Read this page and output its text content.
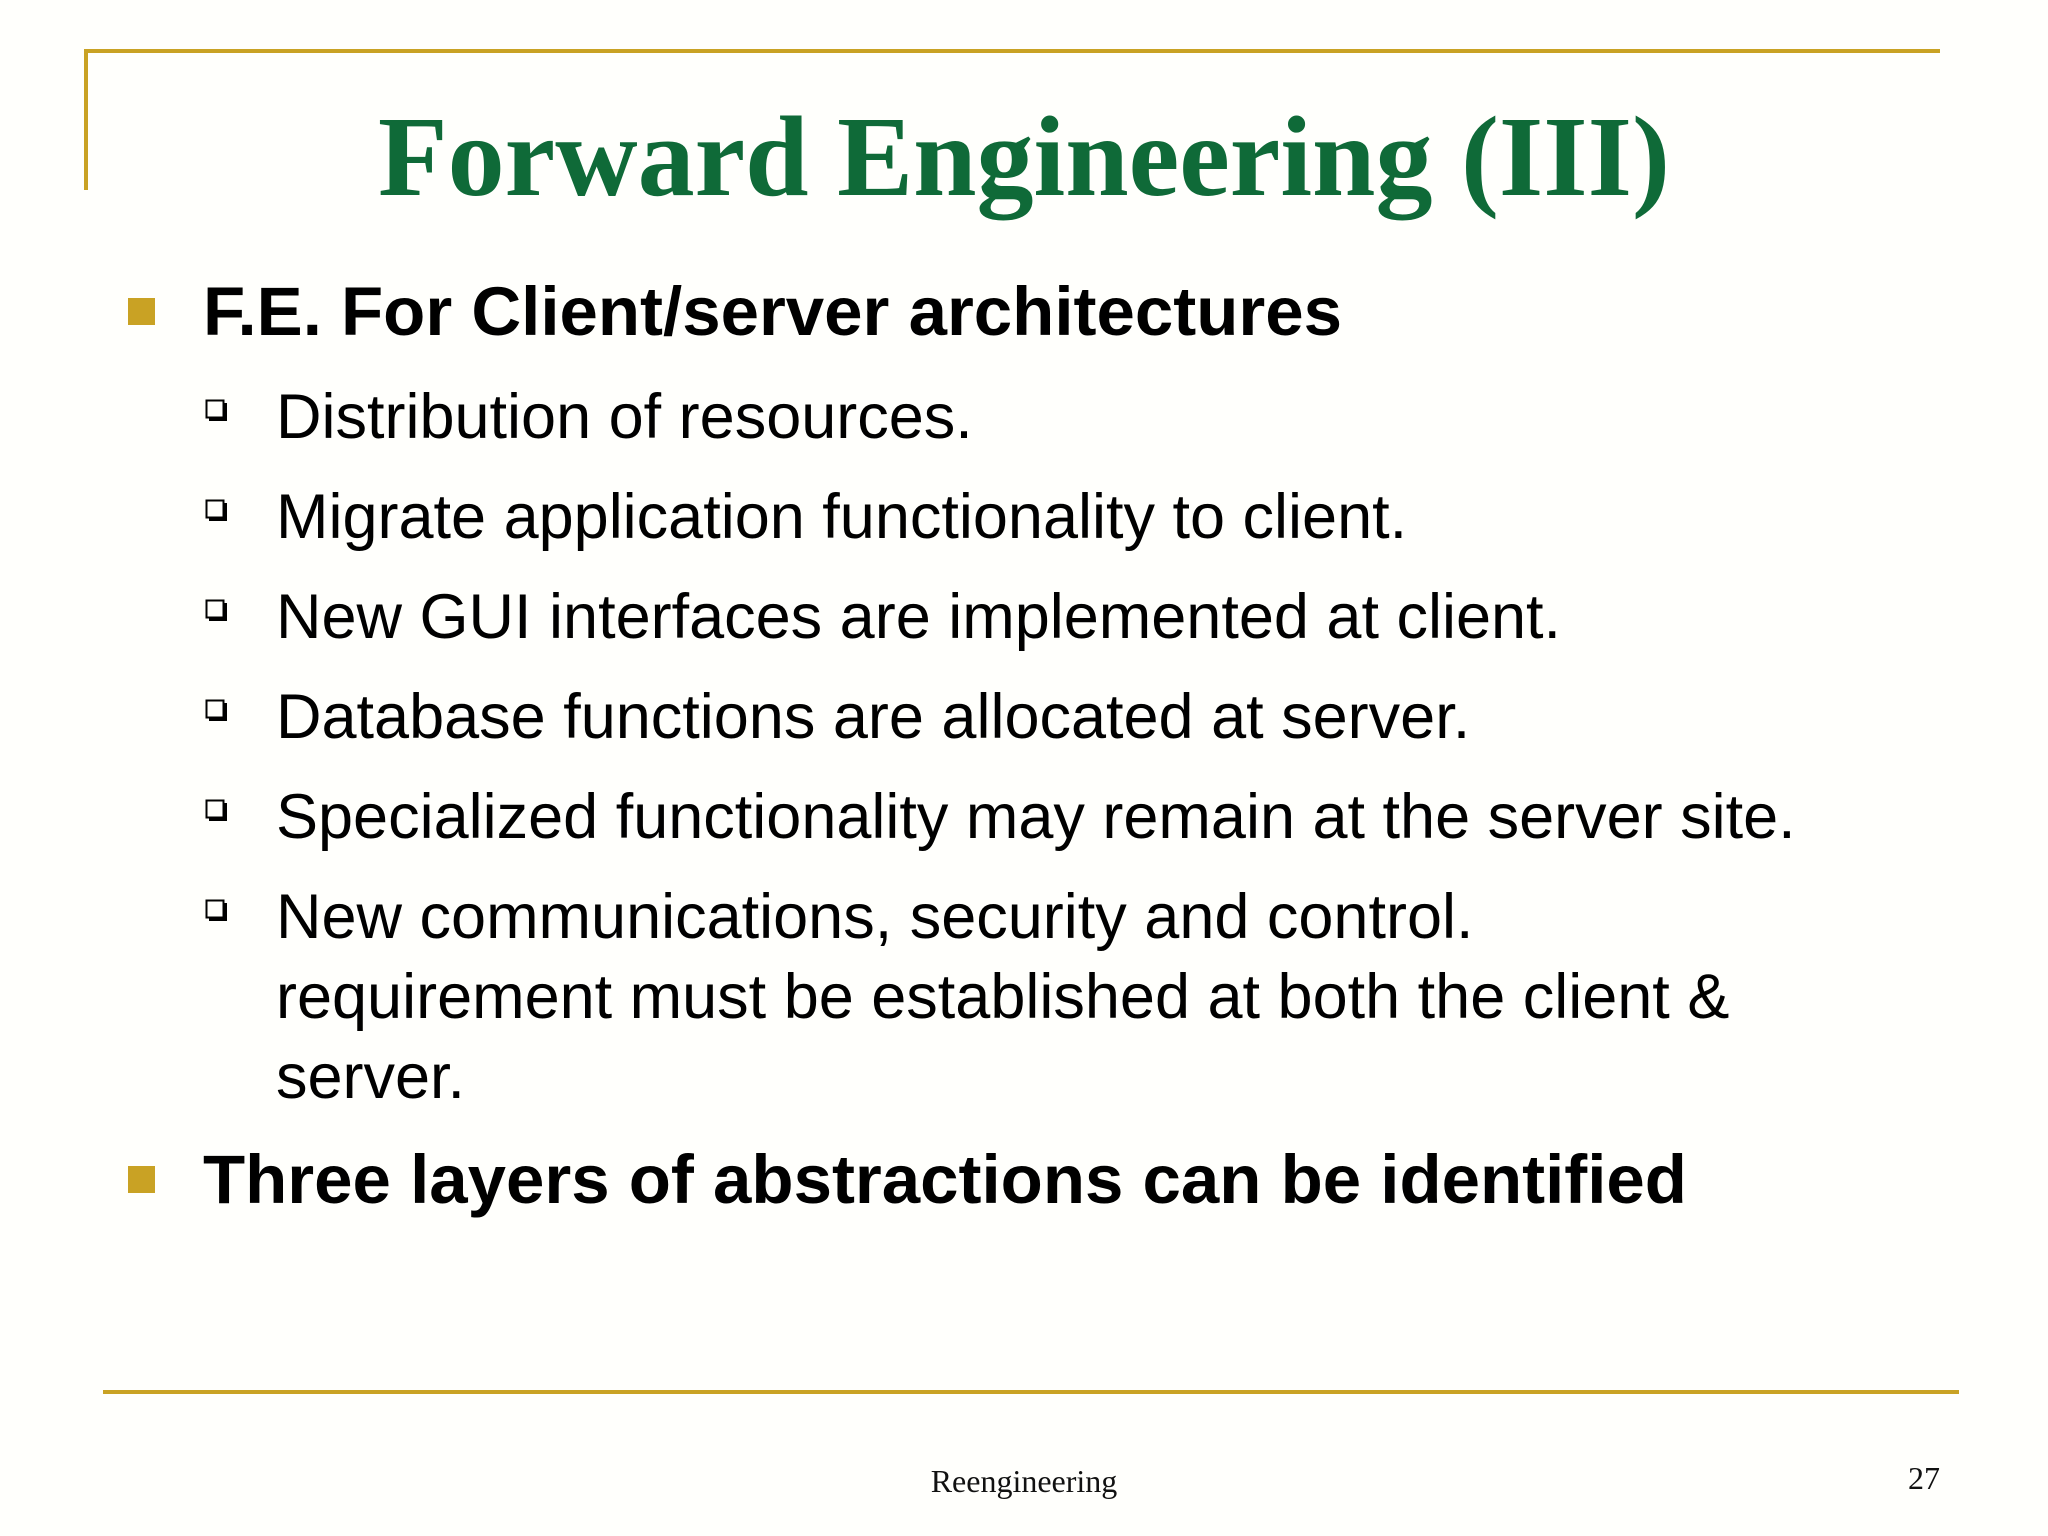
Forward Engineering (III)
F.E. For Client/server architectures
Distribution of resources.
Migrate application functionality to client.
New GUI interfaces are implemented at client.
Database functions are allocated at server.
Specialized functionality may remain at the server site.
New communications, security and control.
requirement must be established at both the client &
server.
Three layers of abstractions can be identified
Reengineering	27
